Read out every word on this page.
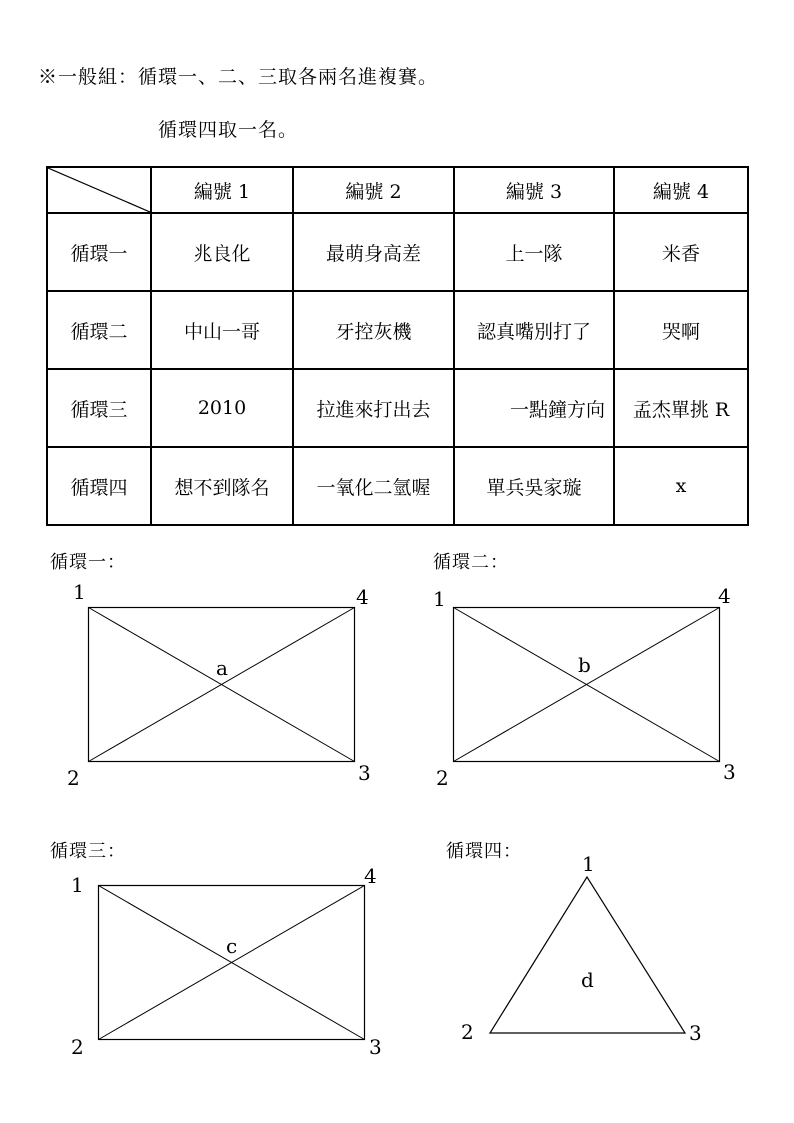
※一般組：循環一、二、三取各兩名進複賽。
循環四取一名。
	編號 1	編號 2	編號 3	編號 4
循環一	兆良化	最萌身高差	上一隊	米香
循環二	中山一哥	牙控灰機	認真嘴別打了	哭啊
循環三	2010	拉進來打出去	一點鐘方向	孟杰單挑 R
循環四	想不到隊名	一氧化二氫喔	單兵吳家璇	x
循環一：
1	4
2	3
a
循環二：
1	4
2	3
b
循環三：
1	4
2	3
c
循環四：
1
2	3
d
